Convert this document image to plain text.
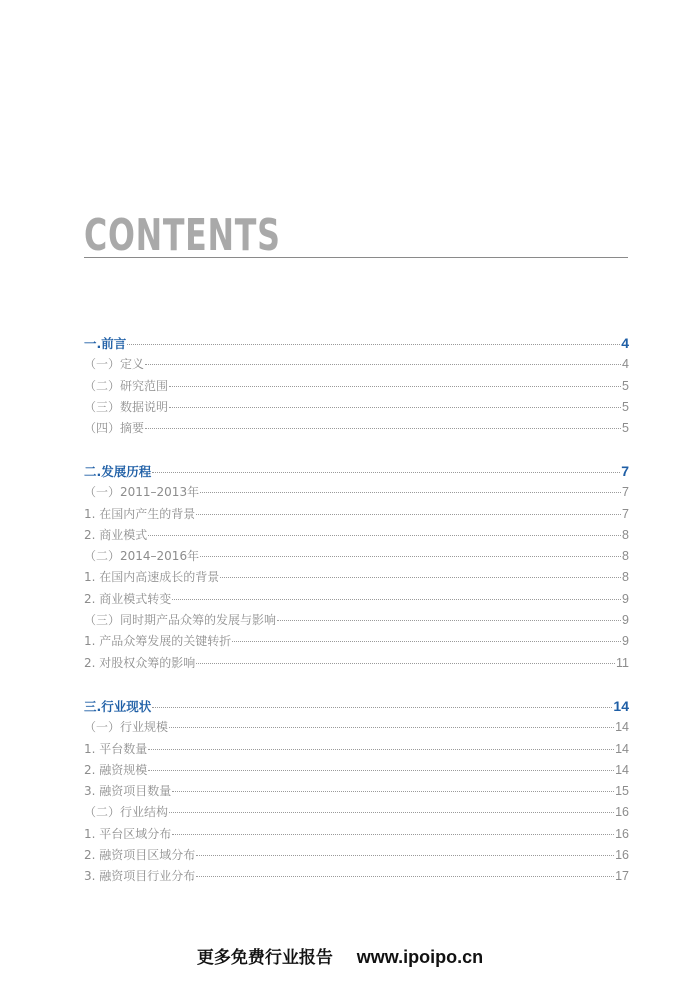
CONTENTS
一.前言	4
（一）定义	4
（二）研究范围	5
（三）数据说明	5
（四）摘要	5
二.发展历程	7
（一）2011–2013年	7
1. 在国内产生的背景	7
2. 商业模式	8
（二）2014–2016年	8
1. 在国内高速成长的背景	8
2. 商业模式转变	9
（三）同时期产品众筹的发展与影响	9
1. 产品众筹发展的关键转折	9
2. 对股权众筹的影响	11
三.行业现状	14
（一）行业规模	14
1. 平台数量	14
2. 融资规模	14
3. 融资项目数量	15
（二）行业结构	16
1. 平台区域分布	16
2. 融资项目区域分布	16
3. 融资项目行业分布	17
更多免费行业报告 www.ipoipo.cn
